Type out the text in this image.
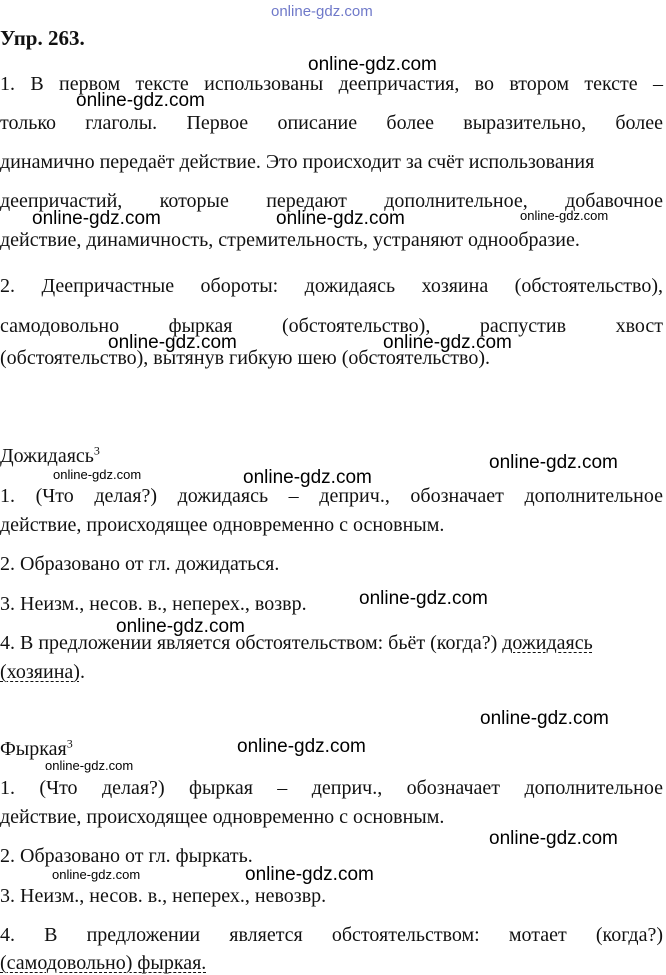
online-gdz.com
Упр. 263.
1. В первом тексте использованы деепричастия, во втором тексте –
только глаголы. Первое описание более выразительно, более
динамично передаёт действие. Это происходит за счёт использования
деепричастий, которые передают дополнительное, добавочное
действие, динамичность, стремительность, устраняют однообразие.
2. Деепричастные обороты: дожидаясь хозяина (обстоятельство),
самодовольно фыркая (обстоятельство), распустив хвост
(обстоятельство), вытянув гибкую шею (обстоятельство).
Дожидаясь$^3$
1. (Что делая?) дожидаясь – деприч., обозначает дополнительное
действие, происходящее одновременно с основным.
2. Образовано от гл. дожидаться.
3. Неизм., несов. в., неперех., возвр.
4. В предложении является обстоятельством: бьёт (когда?) дожидаясь
(хозяина).
Фыркая$^3$
1. (Что делая?) фыркая – деприч., обозначает дополнительное
действие, происходящее одновременно с основным.
2. Образовано от гл. фыркать.
3. Неизм., несов. в., неперех., невозвр.
4. В предложении является обстоятельством: мотает (когда?)
(самодовольно) фыркая.
online-gdz.com
online-gdz.com
online-gdz.com	online-gdz.com	online-gdz.com
online-gdz.com	online-gdz.com
online-gdz.com	online-gdz.com
online-gdz.com
online-gdz.com
online-gdz.com
online-gdz.com
online-gdz.com
online-gdz.com
online-gdz.com
online-gdz.com
online-gdz.com
